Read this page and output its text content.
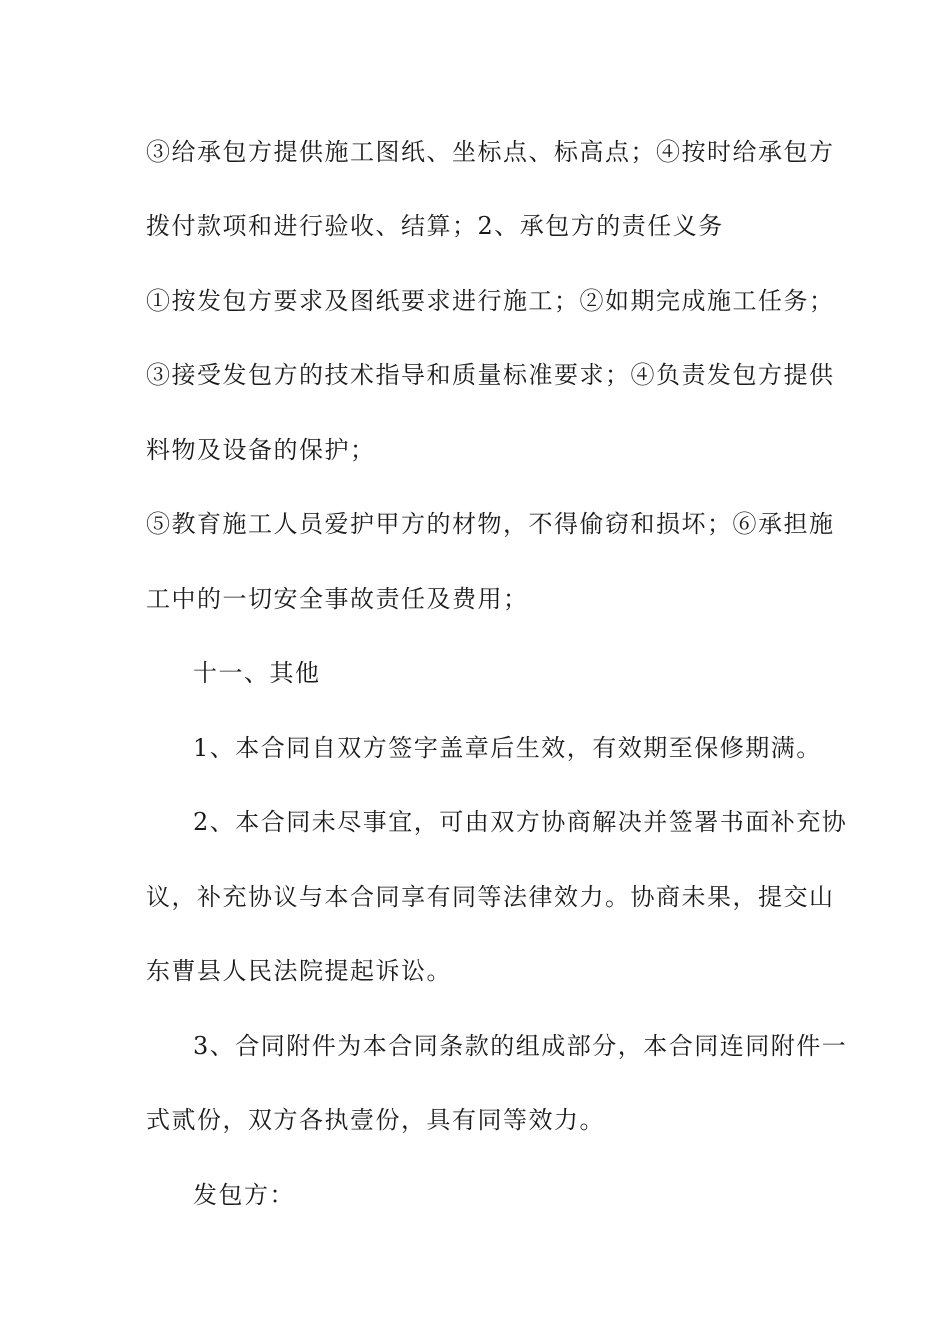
③给承包方提供施工图纸、坐标点、标高点；④按时给承包方
拨付款项和进行验收、结算；2、承包方的责任义务
①按发包方要求及图纸要求进行施工；②如期完成施工任务；
③接受发包方的技术指导和质量标准要求；④负责发包方提供
料物及设备的保护；
⑤教育施工人员爱护甲方的材物，不得偷窃和损坏；⑥承担施
工中的一切安全事故责任及费用；
十一、其他
1、本合同自双方签字盖章后生效，有效期至保修期满。
2、本合同未尽事宜，可由双方协商解决并签署书面补充协
议，补充协议与本合同享有同等法律效力。协商未果，提交山
东曹县人民法院提起诉讼。
3、合同附件为本合同条款的组成部分，本合同连同附件一
式贰份，双方各执壹份，具有同等效力。
发包方：
